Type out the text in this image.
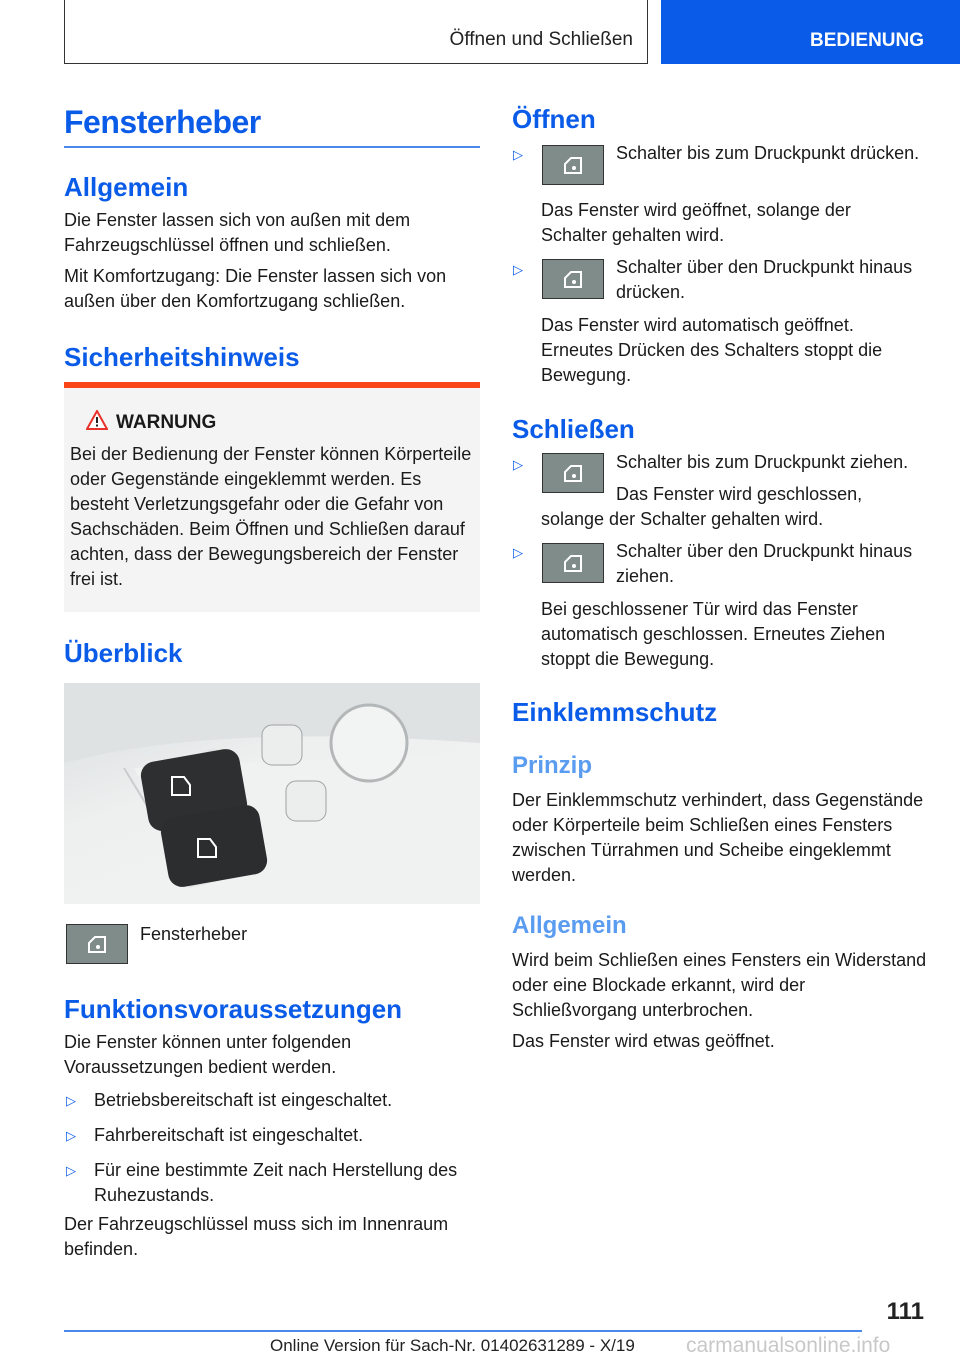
Öffnen und Schließen	BEDIENUNG
Fensterheber
Allgemein

Die Fenster lassen sich von außen mit dem Fahrzeugschlüssel öffnen und schließen.

Mit Komfortzugang: Die Fenster lassen sich von außen über den Komfortzugang schließen.

Sicherheitshinweis
WARNUNG
Bei der Bedienung der Fenster können Körperteile oder Gegenstände eingeklemmt werden. Es besteht Verletzungsgefahr oder die Gefahr von Sachschäden. Beim Öffnen und Schließen darauf achten, dass der Bewegungsbereich der Fenster frei ist.
Überblick

Fensterheber

Funktionsvoraussetzungen

Die Fenster können unter folgenden Voraussetzungen bedient werden.

▷ Betriebsbereitschaft ist eingeschaltet.

▷ Fahrbereitschaft ist eingeschaltet.

▷ Für eine bestimmte Zeit nach Herstellung des Ruhezustands.

Der Fahrzeugschlüssel muss sich im Innenraum befinden.

Öffnen
▷	Schalter bis zum Druckpunkt drücken.

Das Fenster wird geöffnet, solange der Schalter gehalten wird.

▷	Schalter über den Druckpunkt hinaus drücken.

Das Fenster wird automatisch geöffnet. Erneutes Drücken des Schalters stoppt die Bewegung.

Schließen
▷	Schalter bis zum Druckpunkt ziehen.

Das Fenster wird geschlossen, solange der Schalter gehalten wird.

▷	Schalter über den Druckpunkt hinaus ziehen.

Bei geschlossener Tür wird das Fenster automatisch geschlossen. Erneutes Ziehen stoppt die Bewegung.

Einklemmschutz
Prinzip

Der Einklemmschutz verhindert, dass Gegenstände oder Körperteile beim Schließen eines Fensters zwischen Türrahmen und Scheibe eingeklemmt werden.

Allgemein

Wird beim Schließen eines Fensters ein Widerstand oder eine Blockade erkannt, wird der Schließvorgang unterbrochen.

Das Fenster wird etwas geöffnet.

111
Online Version für Sach-Nr. 01402631289 - X/19 carmanualsonline.info
